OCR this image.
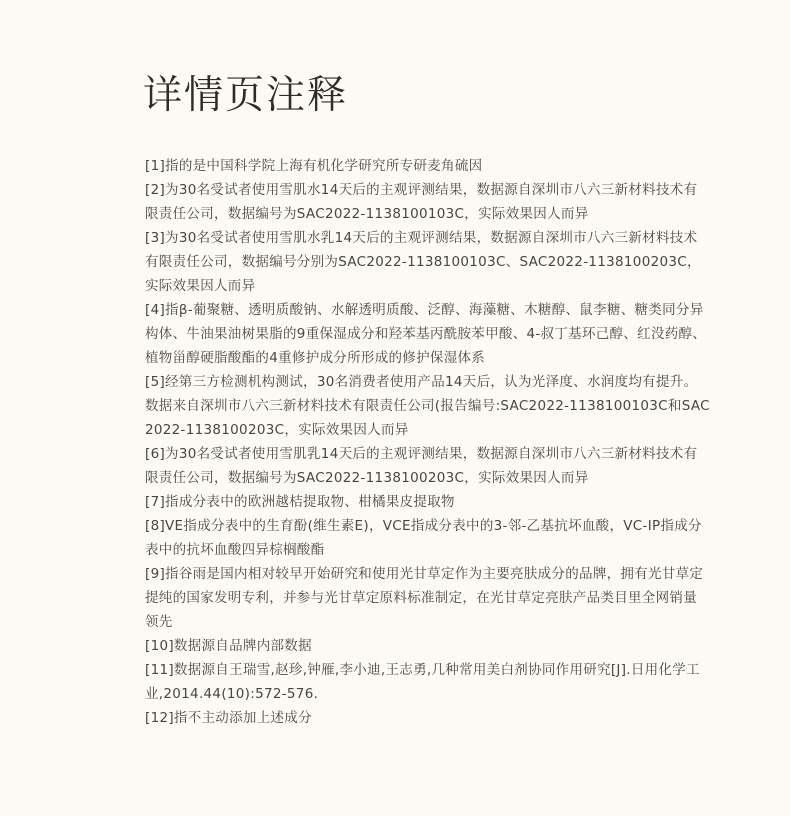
详情页注释
[1]指的是中国科学院上海有机化学研究所专研麦角硫因
[2]为30名受试者使用雪肌水14天后的主观评测结果，数据源自深圳市八六三新材料技术有限责任公司，数据编号为SAC2022-1138100103C，实际效果因人而异
[3]为30名受试者使用雪肌水乳14天后的主观评测结果，数据源自深圳市八六三新材料技术有限责任公司，数据编号分别为SAC2022-1138100103C、SAC2022-1138100203C，实际效果因人而异
[4]指β-葡聚糖、透明质酸钠、水解透明质酸、泛醇、海藻糖、木糖醇、鼠李糖、糖类同分异构体、牛油果油树果脂的9重保湿成分和羟苯基丙酰胺苯甲酸、4-叔丁基环己醇、红没药醇、植物甾醇硬脂酸酯的4重修护成分所形成的修护保湿体系
[5]经第三方检测机构测试，30名消费者使用产品14天后，认为光泽度、水润度均有提升。数据来自深圳市八六三新材料技术有限责任公司(报告编号:SAC2022-1138100103C和SAC2022-1138100203C，实际效果因人而异
[6]为30名受试者使用雪肌乳14天后的主观评测结果，数据源自深圳市八六三新材料技术有限责任公司，数据编号为SAC2022-1138100203C，实际效果因人而异
[7]指成分表中的欧洲越桔提取物、柑橘果皮提取物
[8]VE指成分表中的生育酚(维生素E)，VCE指成分表中的3-邻-乙基抗坏血酸，VC-IP指成分表中的抗坏血酸四异棕榈酸酯
[9]指谷雨是国内相对较早开始研究和使用光甘草定作为主要亮肤成分的品牌，拥有光甘草定提纯的国家发明专利，并参与光甘草定原料标准制定，在光甘草定亮肤产品类目里全网销量领先
[10]数据源自品牌内部数据
[11]数据源自王瑞雪,赵珍,钟雁,李小迪,王志勇,几种常用美白剂协同作用研究[J].日用化学工业,2014.44(10):572-576.
[12]指不主动添加上述成分
